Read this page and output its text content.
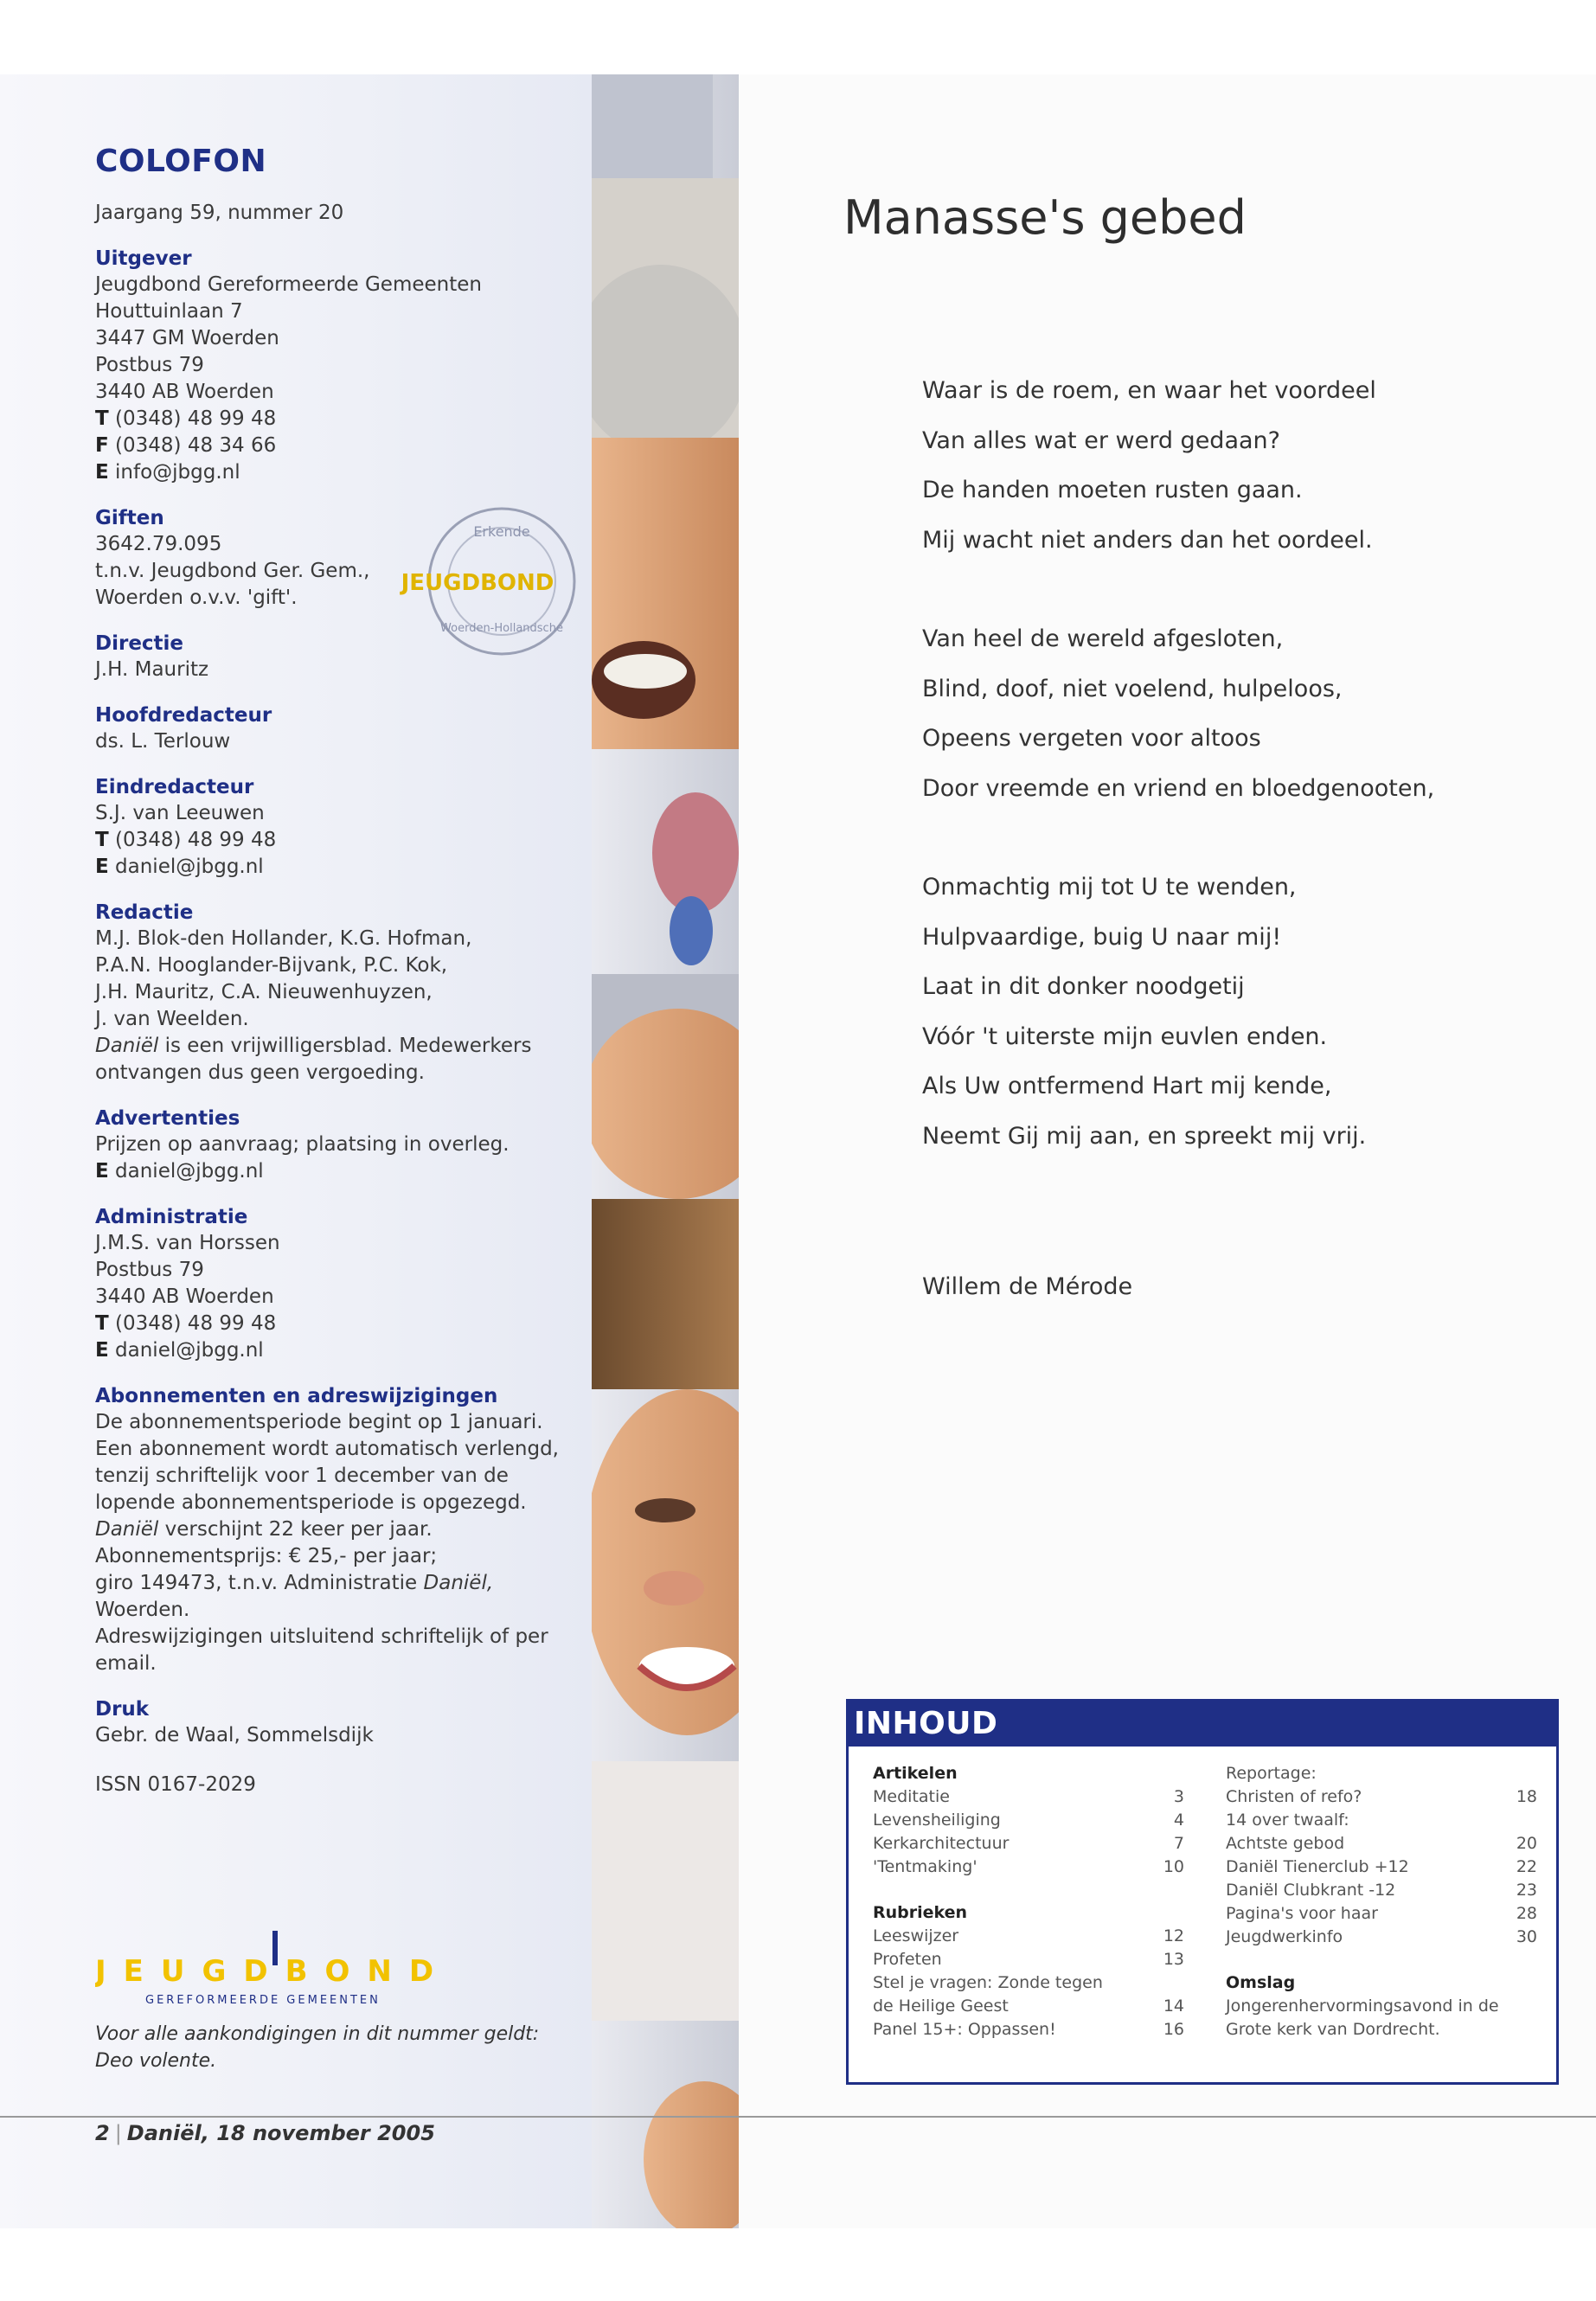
Erkende
JEUGDBOND
Woerden-Hollandsche
COLOFON
Jaargang 59, nummer 20
Uitgever
Jeugdbond Gereformeerde Gemeenten
Houttuinlaan 7
3447 GM Woerden
Postbus 79
3440 AB Woerden
T (0348) 48 99 48
F (0348) 48 34 66
E info@jbgg.nl
Giften
3642.79.095
t.n.v. Jeugdbond Ger. Gem.,
Woerden o.v.v. 'gift'.
Directie
J.H. Mauritz
Hoofdredacteur
ds. L. Terlouw
Eindredacteur
S.J. van Leeuwen
T (0348) 48 99 48
E daniel@jbgg.nl
Redactie
M.J. Blok-den Hollander, K.G. Hofman,
P.A.N. Hooglander-Bijvank, P.C. Kok,
J.H. Mauritz, C.A. Nieuwenhuyzen,
J. van Weelden.
Daniël is een vrijwilligersblad. Medewerkers
ontvangen dus geen vergoeding.
Advertenties
Prijzen op aanvraag; plaatsing in overleg.
E daniel@jbgg.nl
Administratie
J.M.S. van Horssen
Postbus 79
3440 AB Woerden
T (0348) 48 99 48
E daniel@jbgg.nl
Abonnementen en adreswijzigingen
De abonnementsperiode begint op 1 januari.
Een abonnement wordt automatisch verlengd,
tenzij schriftelijk voor 1 december van de
lopende abonnementsperiode is opgezegd.
Daniël verschijnt 22 keer per jaar.
Abonnementsprijs: € 25,- per jaar;
giro 149473, t.n.v. Administratie Daniël,
Woerden.
Adreswijzigingen uitsluitend schriftelijk of per
email.
Druk
Gebr. de Waal, Sommelsdijk
ISSN 0167-2029
JEUGDBOND
GEREFORMEERDE GEMEENTEN
Voor alle aankondigingen in dit nummer geldt: Deo volente.
2 | Daniël, 18 november 2005
Manasse's gebed
Waar is de roem, en waar het voordeel
Van alles wat er werd gedaan?
De handen moeten rusten gaan.
Mij wacht niet anders dan het oordeel.
Van heel de wereld afgesloten,
Blind, doof, niet voelend, hulpeloos,
Opeens vergeten voor altoos
Door vreemde en vriend en bloedgenooten,
Onmachtig mij tot U te wenden,
Hulpvaardige, buig U naar mij!
Laat in dit donker noodgetij
Vóór 't uiterste mijn euvlen enden.
Als Uw ontfermend Hart mij kende,
Neemt Gij mij aan, en spreekt mij vrij.
Willem de Mérode
INHOUD
Artikelen
Meditatie	3
Levensheiliging	4
Kerkarchitectuur	7
'Tentmaking'	10
Rubrieken
Leeswijzer	12
Profeten	13
Stel je vragen: Zonde tegen
de Heilige Geest	14
Panel 15+: Oppassen!	16
Reportage:
Christen of refo?	18
14 over twaalf:
Achtste gebod	20
Daniël Tienerclub +12	22
Daniël Clubkrant -12	23
Pagina's voor haar	28
Jeugdwerkinfo	30
Omslag
Jongerenhervormingsavond in de
Grote kerk van Dordrecht.
